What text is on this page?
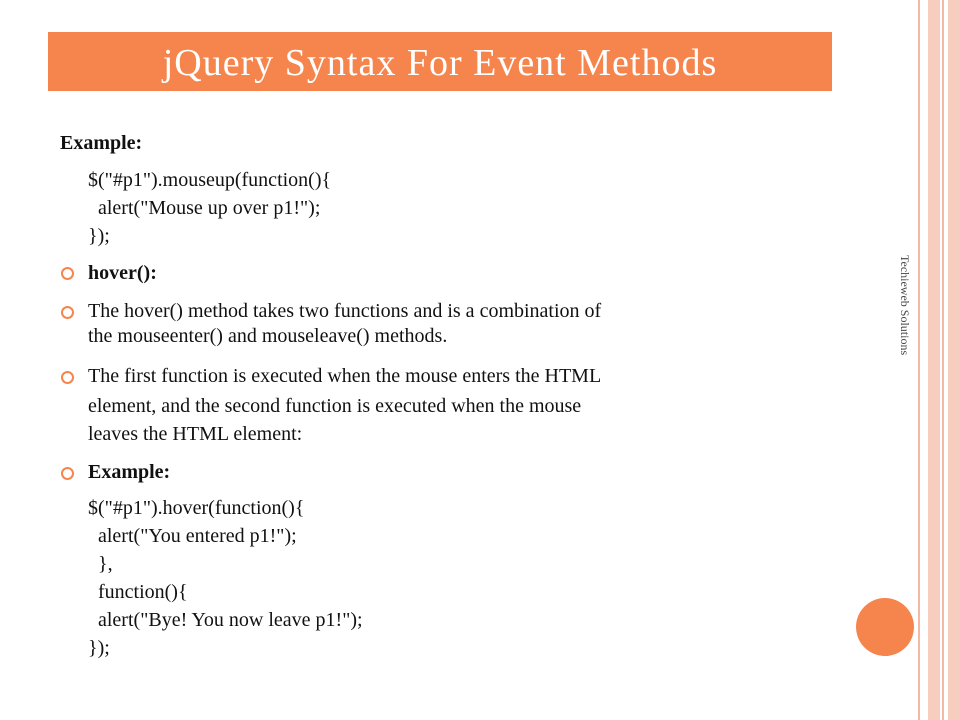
jQuery Syntax For Event Methods
Techieweb Solutions
Example:
$("#p1").mouseup(function(){
alert("Mouse up over p1!");
});
hover():
The hover() method takes two functions and is a combination of
the mouseenter() and mouseleave() methods.
The first function is executed when the mouse enters the HTML
element, and the second function is executed when the mouse
leaves the HTML element:
Example:
$("#p1").hover(function(){
alert("You entered p1!");
},
function(){
alert("Bye! You now leave p1!");
});
